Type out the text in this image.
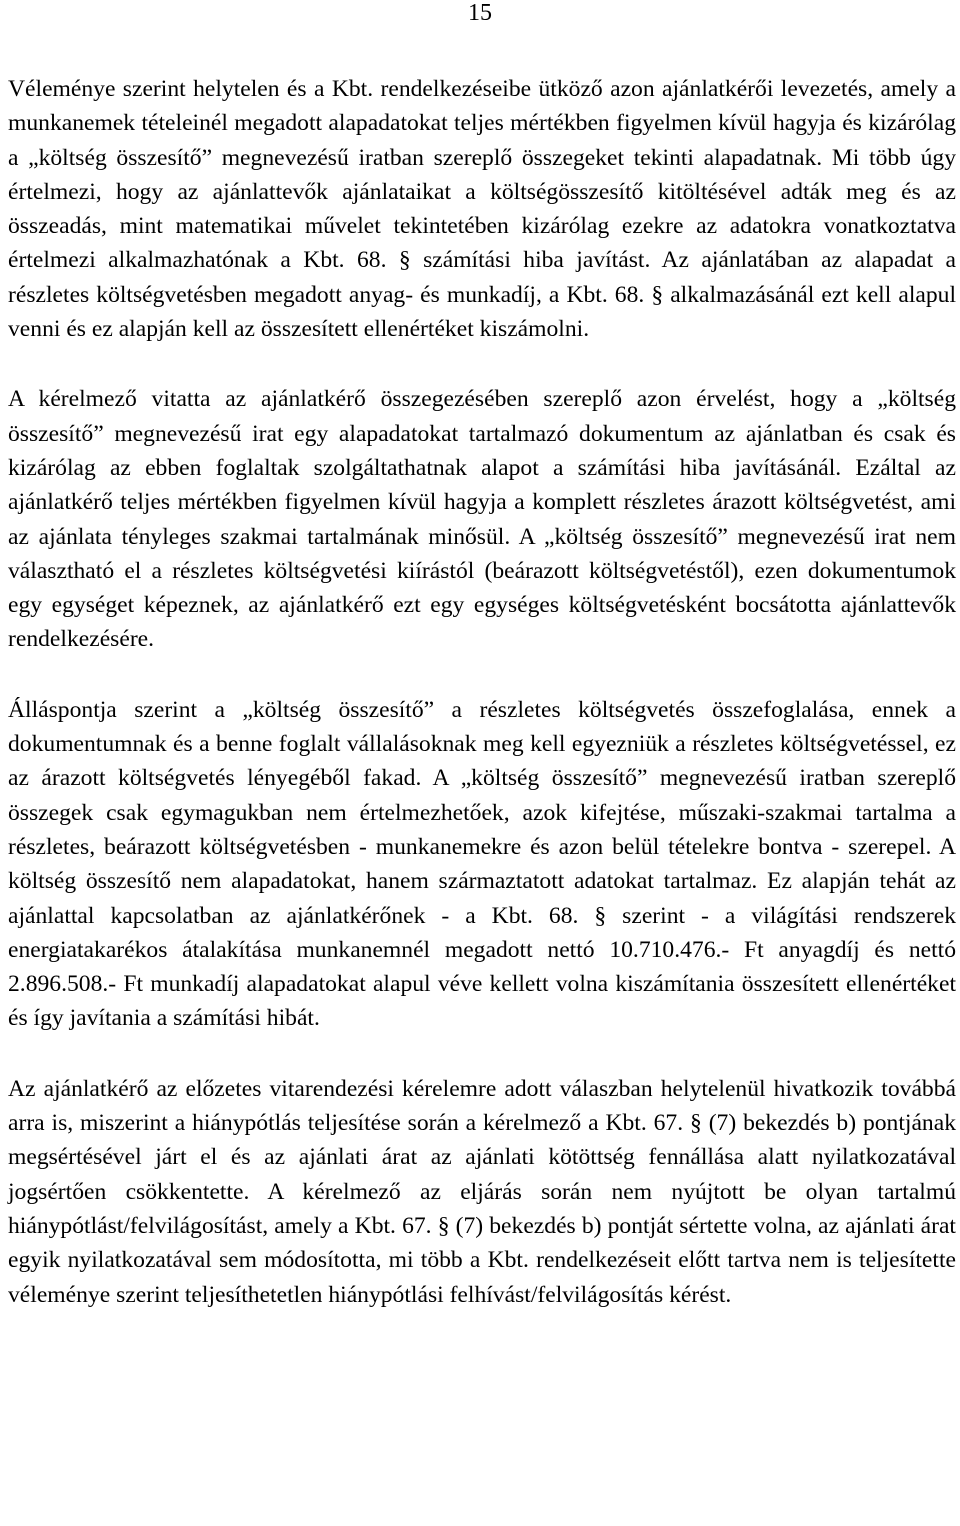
15

Véleménye szerint helytelen és a Kbt. rendelkezéseibe ütköző azon ajánlatkérői levezetés, amely a munkanemek tételeinél megadott alapadatokat teljes mértékben figyelmen kívül hagyja és kizárólag a „költség összesítő” megnevezésű iratban szereplő összegeket tekinti alapadatnak. Mi több úgy értelmezi, hogy az ajánlattevők ajánlataikat a költségösszesítő kitöltésével adták meg és az összeadás, mint matematikai művelet tekintetében kizárólag ezekre az adatokra vonatkoztatva értelmezi alkalmazhatónak a Kbt. 68. § számítási hiba javítást. Az ajánlatában az alapadat a részletes költségvetésben megadott anyag- és munkadíj, a Kbt. 68. § alkalmazásánál ezt kell alapul venni és ez alapján kell az összesített ellenértéket kiszámolni.

A kérelmező vitatta az ajánlatkérő összegezésében szereplő azon érvelést, hogy a „költség összesítő” megnevezésű irat egy alapadatokat tartalmazó dokumentum az ajánlatban és csak és kizárólag az ebben foglaltak szolgáltathatnak alapot a számítási hiba javításánál. Ezáltal az ajánlatkérő teljes mértékben figyelmen kívül hagyja a komplett részletes árazott költségvetést, ami az ajánlata tényleges szakmai tartalmának minősül. A „költség összesítő” megnevezésű irat nem választható el a részletes költségvetési kiírástól (beárazott költségvetéstől), ezen dokumentumok egy egységet képeznek, az ajánlatkérő ezt egy egységes költségvetésként bocsátotta ajánlattevők rendelkezésére.

Álláspontja szerint a „költség összesítő” a részletes költségvetés összefoglalása, ennek a dokumentumnak és a benne foglalt vállalásoknak meg kell egyezniük a részletes költségvetéssel, ez az árazott költségvetés lényegéből fakad. A „költség összesítő” megnevezésű iratban szereplő összegek csak egymagukban nem értelmezhetőek, azok kifejtése, műszaki-szakmai tartalma a részletes, beárazott költségvetésben - munkanemekre és azon belül tételekre bontva - szerepel. A költség összesítő nem alapadatokat, hanem származtatott adatokat tartalmaz. Ez alapján tehát az ajánlattal kapcsolatban az ajánlatkérőnek - a Kbt. 68. § szerint - a világítási rendszerek energiatakarékos átalakítása munkanemnél megadott nettó 10.710.476.- Ft anyagdíj és nettó 2.896.508.- Ft munkadíj alapadatokat alapul véve kellett volna kiszámítania összesített ellenértéket és így javítania a számítási hibát.

Az ajánlatkérő az előzetes vitarendezési kérelemre adott válaszban helytelenül hivatkozik továbbá arra is, miszerint a hiánypótlás teljesítése során a kérelmező a Kbt. 67. § (7) bekezdés b) pontjának megsértésével járt el és az ajánlati árat az ajánlati kötöttség fennállása alatt nyilatkozatával jogsértően csökkentette. A kérelmező az eljárás során nem nyújtott be olyan tartalmú hiánypótlást/felvilágosítást, amely a Kbt. 67. § (7) bekezdés b) pontját sértette volna, az ajánlati árat egyik nyilatkozatával sem módosította, mi több a Kbt. rendelkezéseit előtt tartva nem is teljesítette véleménye szerint teljesíthetetlen hiánypótlási felhívást/felvilágosítás kérést.
